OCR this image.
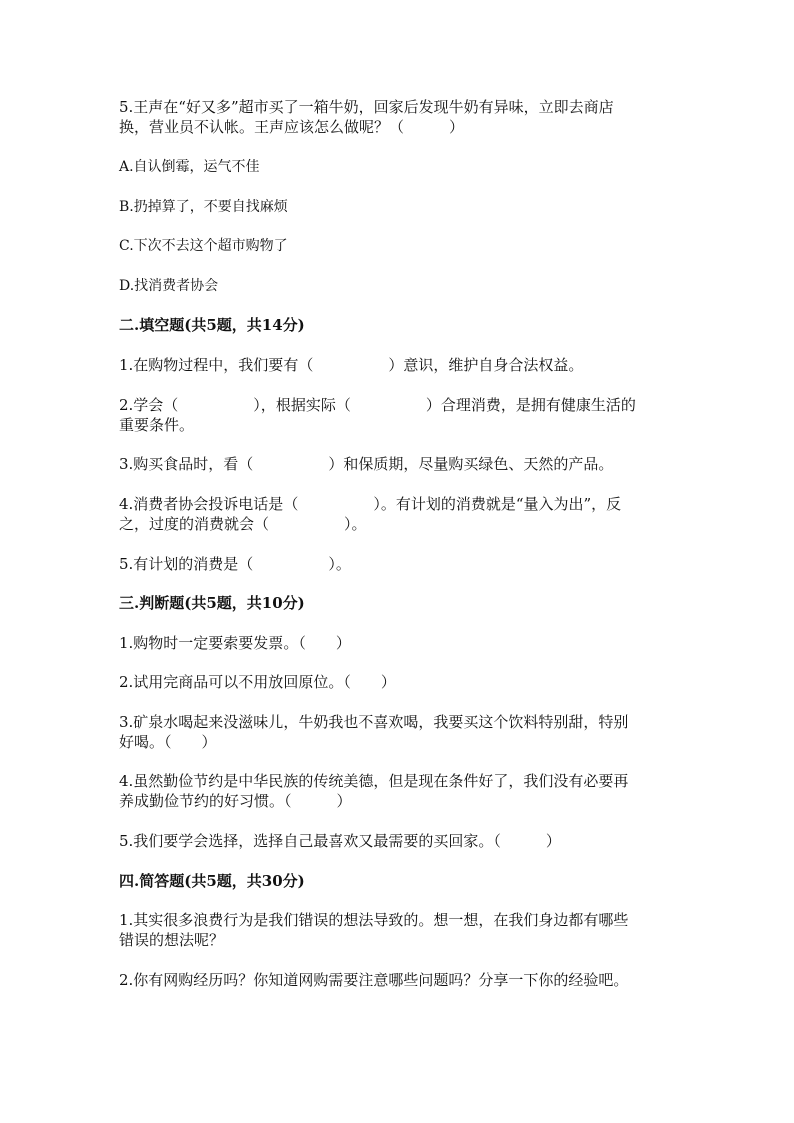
5.王声在“好又多”超市买了一箱牛奶，回家后发现牛奶有异味，立即去商店
换，营业员不认帐。王声应该怎么做呢？（　　　）
A.自认倒霉，运气不佳
B.扔掉算了，不要自找麻烦
C.下次不去这个超市购物了
D.找消费者协会
二.填空题(共5题，共14分)
1.在购物过程中，我们要有（　　　　　）意识，维护自身合法权益。
2.学会（　　　　　），根据实际（　　　　　）合理消费，是拥有健康生活的
重要条件。
3.购买食品时，看（　　　　　）和保质期，尽量购买绿色、天然的产品。
4.消费者协会投诉电话是（　　　　　）。有计划的消费就是“量入为出”，反
之，过度的消费就会（　　　　　）。
5.有计划的消费是（　　　　　）。
三.判断题(共5题，共10分)
1.购物时一定要索要发票。（　　）
2.试用完商品可以不用放回原位。（　　）
3.矿泉水喝起来没滋味儿，牛奶我也不喜欢喝，我要买这个饮料特别甜，特别
好喝。（　　）
4.虽然勤俭节约是中华民族的传统美德，但是现在条件好了，我们没有必要再
养成勤俭节约的好习惯。（　　　）
5.我们要学会选择，选择自己最喜欢又最需要的买回家。（　　　）
四.简答题(共5题，共30分)
1.其实很多浪费行为是我们错误的想法导致的。想一想，在我们身边都有哪些
错误的想法呢？
2.你有网购经历吗？你知道网购需要注意哪些问题吗？分享一下你的经验吧。
